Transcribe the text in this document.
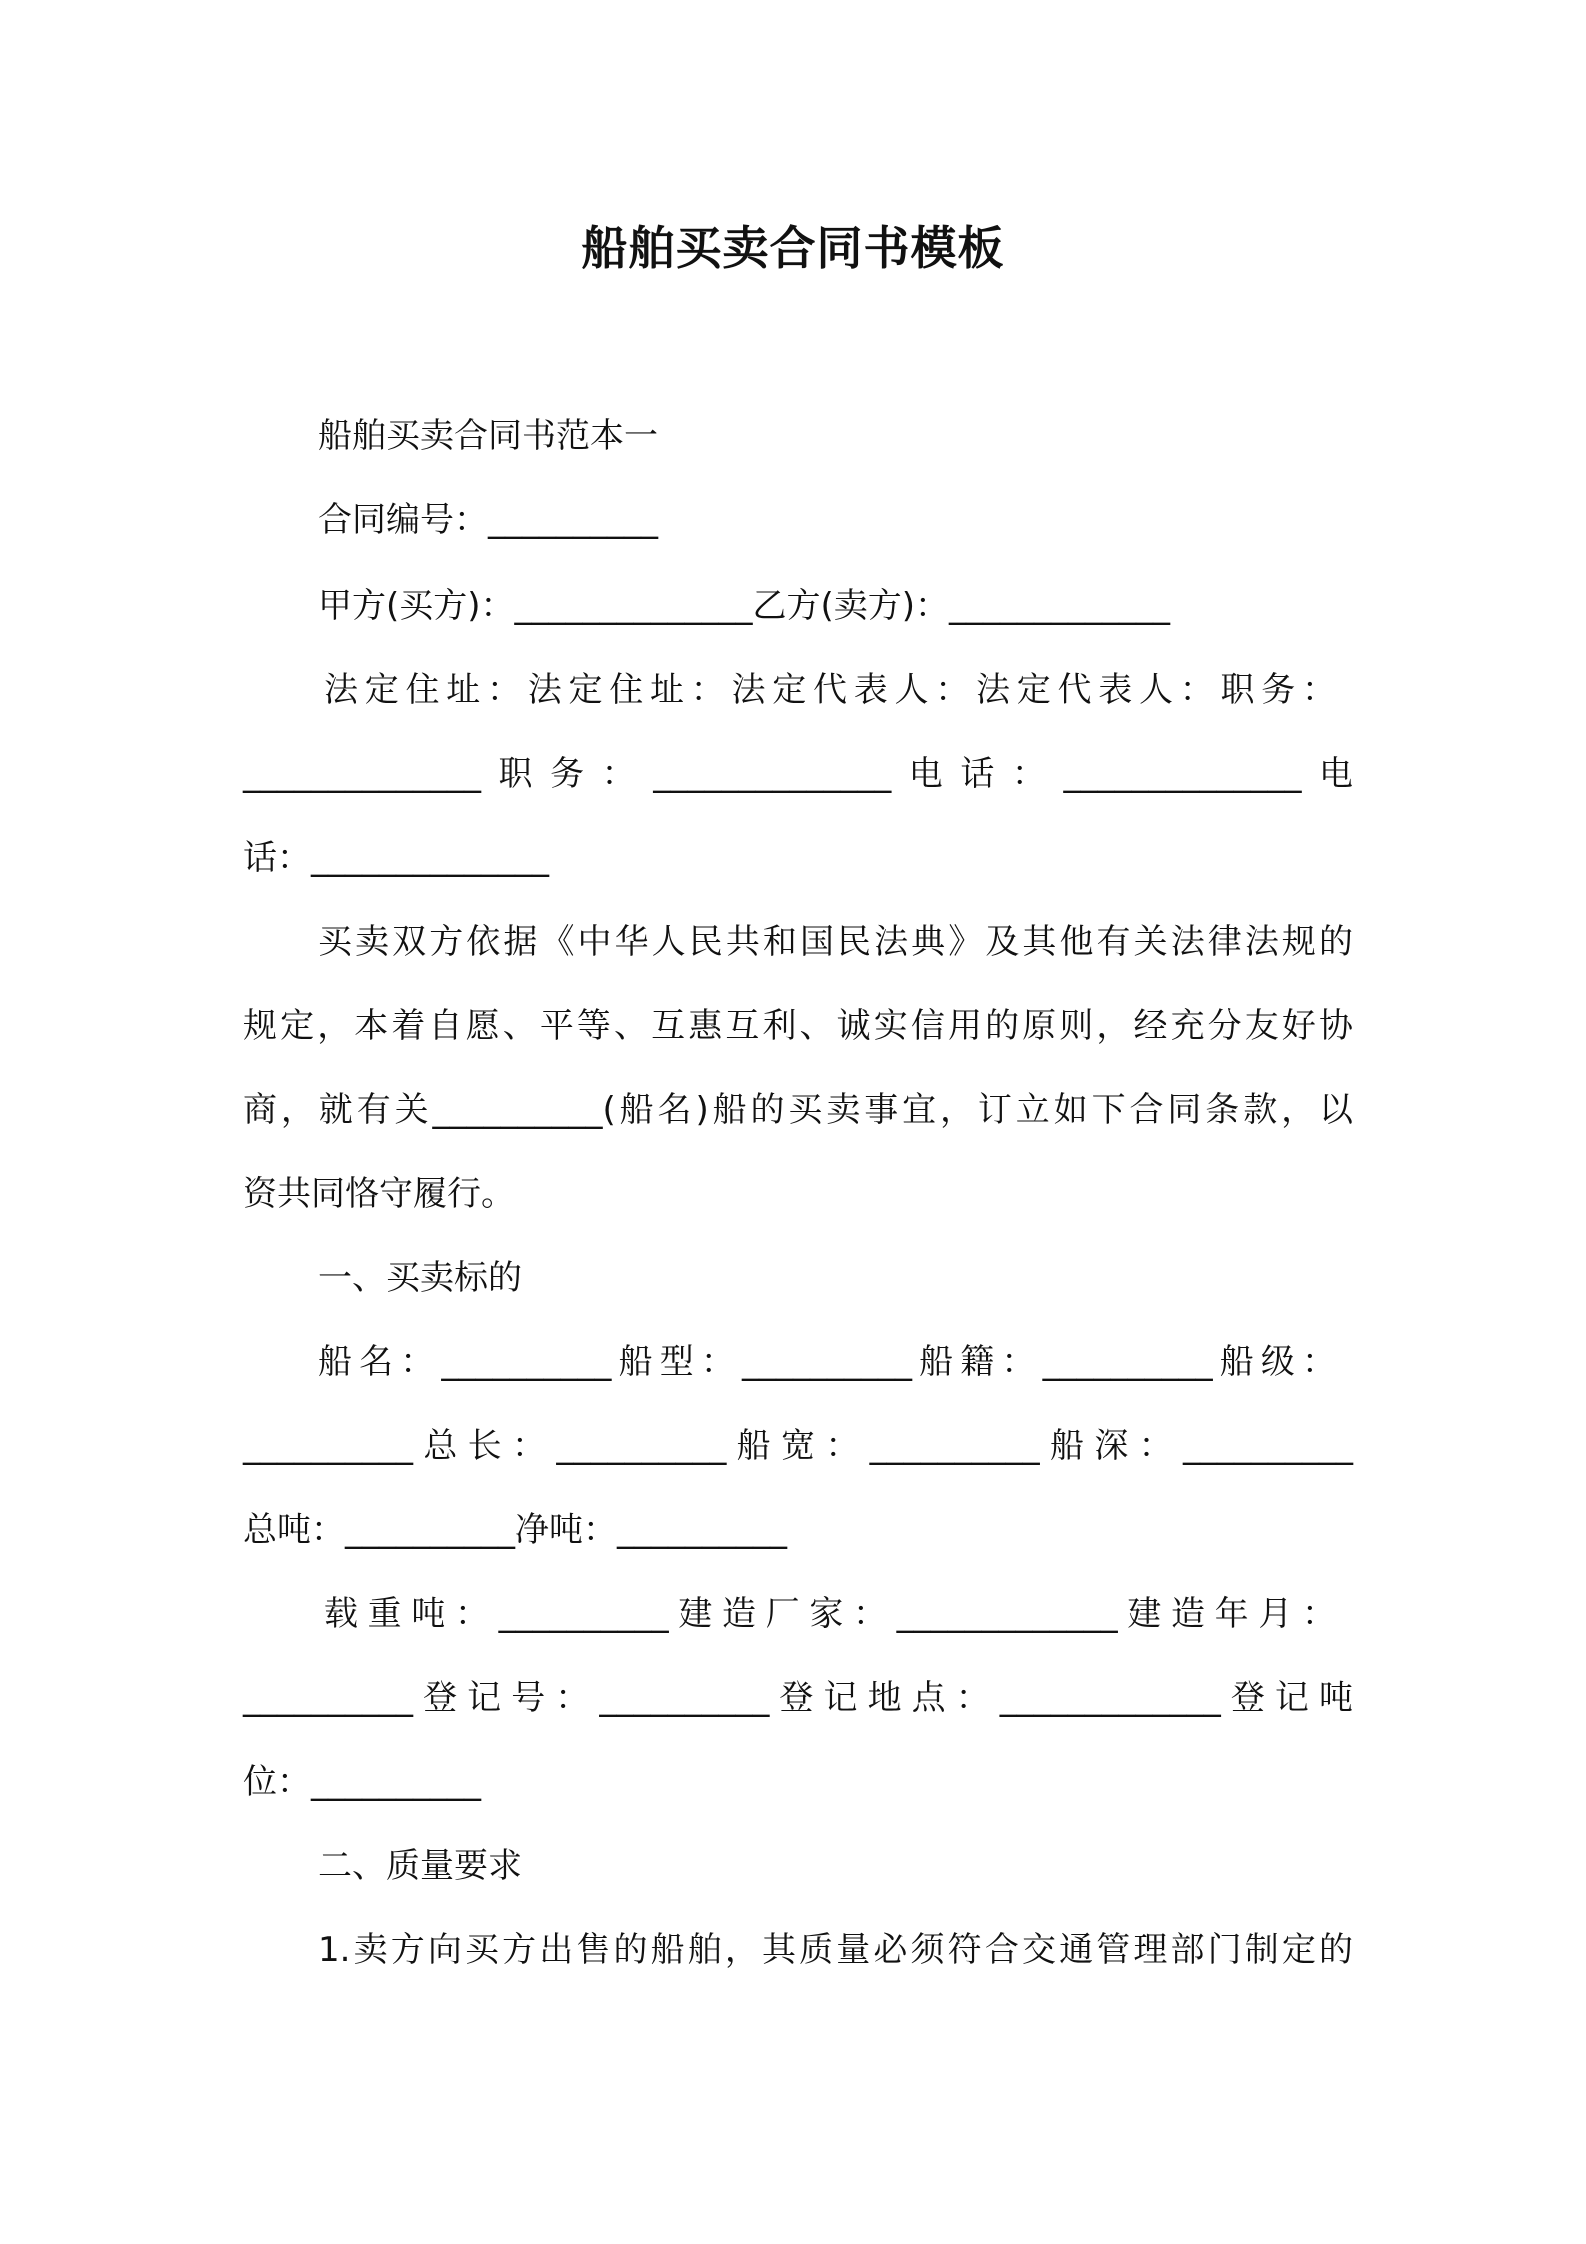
船舶买卖合同书模板
船舶买卖合同书范本一
合同编号：__________
甲方(买方)：______________乙方(卖方)：_____________
法定住址：法定住址：法定代表人：法定代表人：职务：
______________职务：______________电话：______________电
话：______________
买卖双方依据《中华人民共和国民法典》及其他有关法律法规的
规定，本着自愿、平等、互惠互利、诚实信用的原则，经充分友好协
商，就有关__________(船名)船的买卖事宜，订立如下合同条款，以
资共同恪守履行。
一、买卖标的
船名：__________船型：__________船籍：__________船级：
__________总长：__________船宽：__________船深：__________
总吨：__________净吨：__________
载重吨：__________建造厂家：_____________建造年月：
__________登记号：__________登记地点：_____________登记吨
位：__________
二、质量要求
1.卖方向买方出售的船舶，其质量必须符合交通管理部门制定的
